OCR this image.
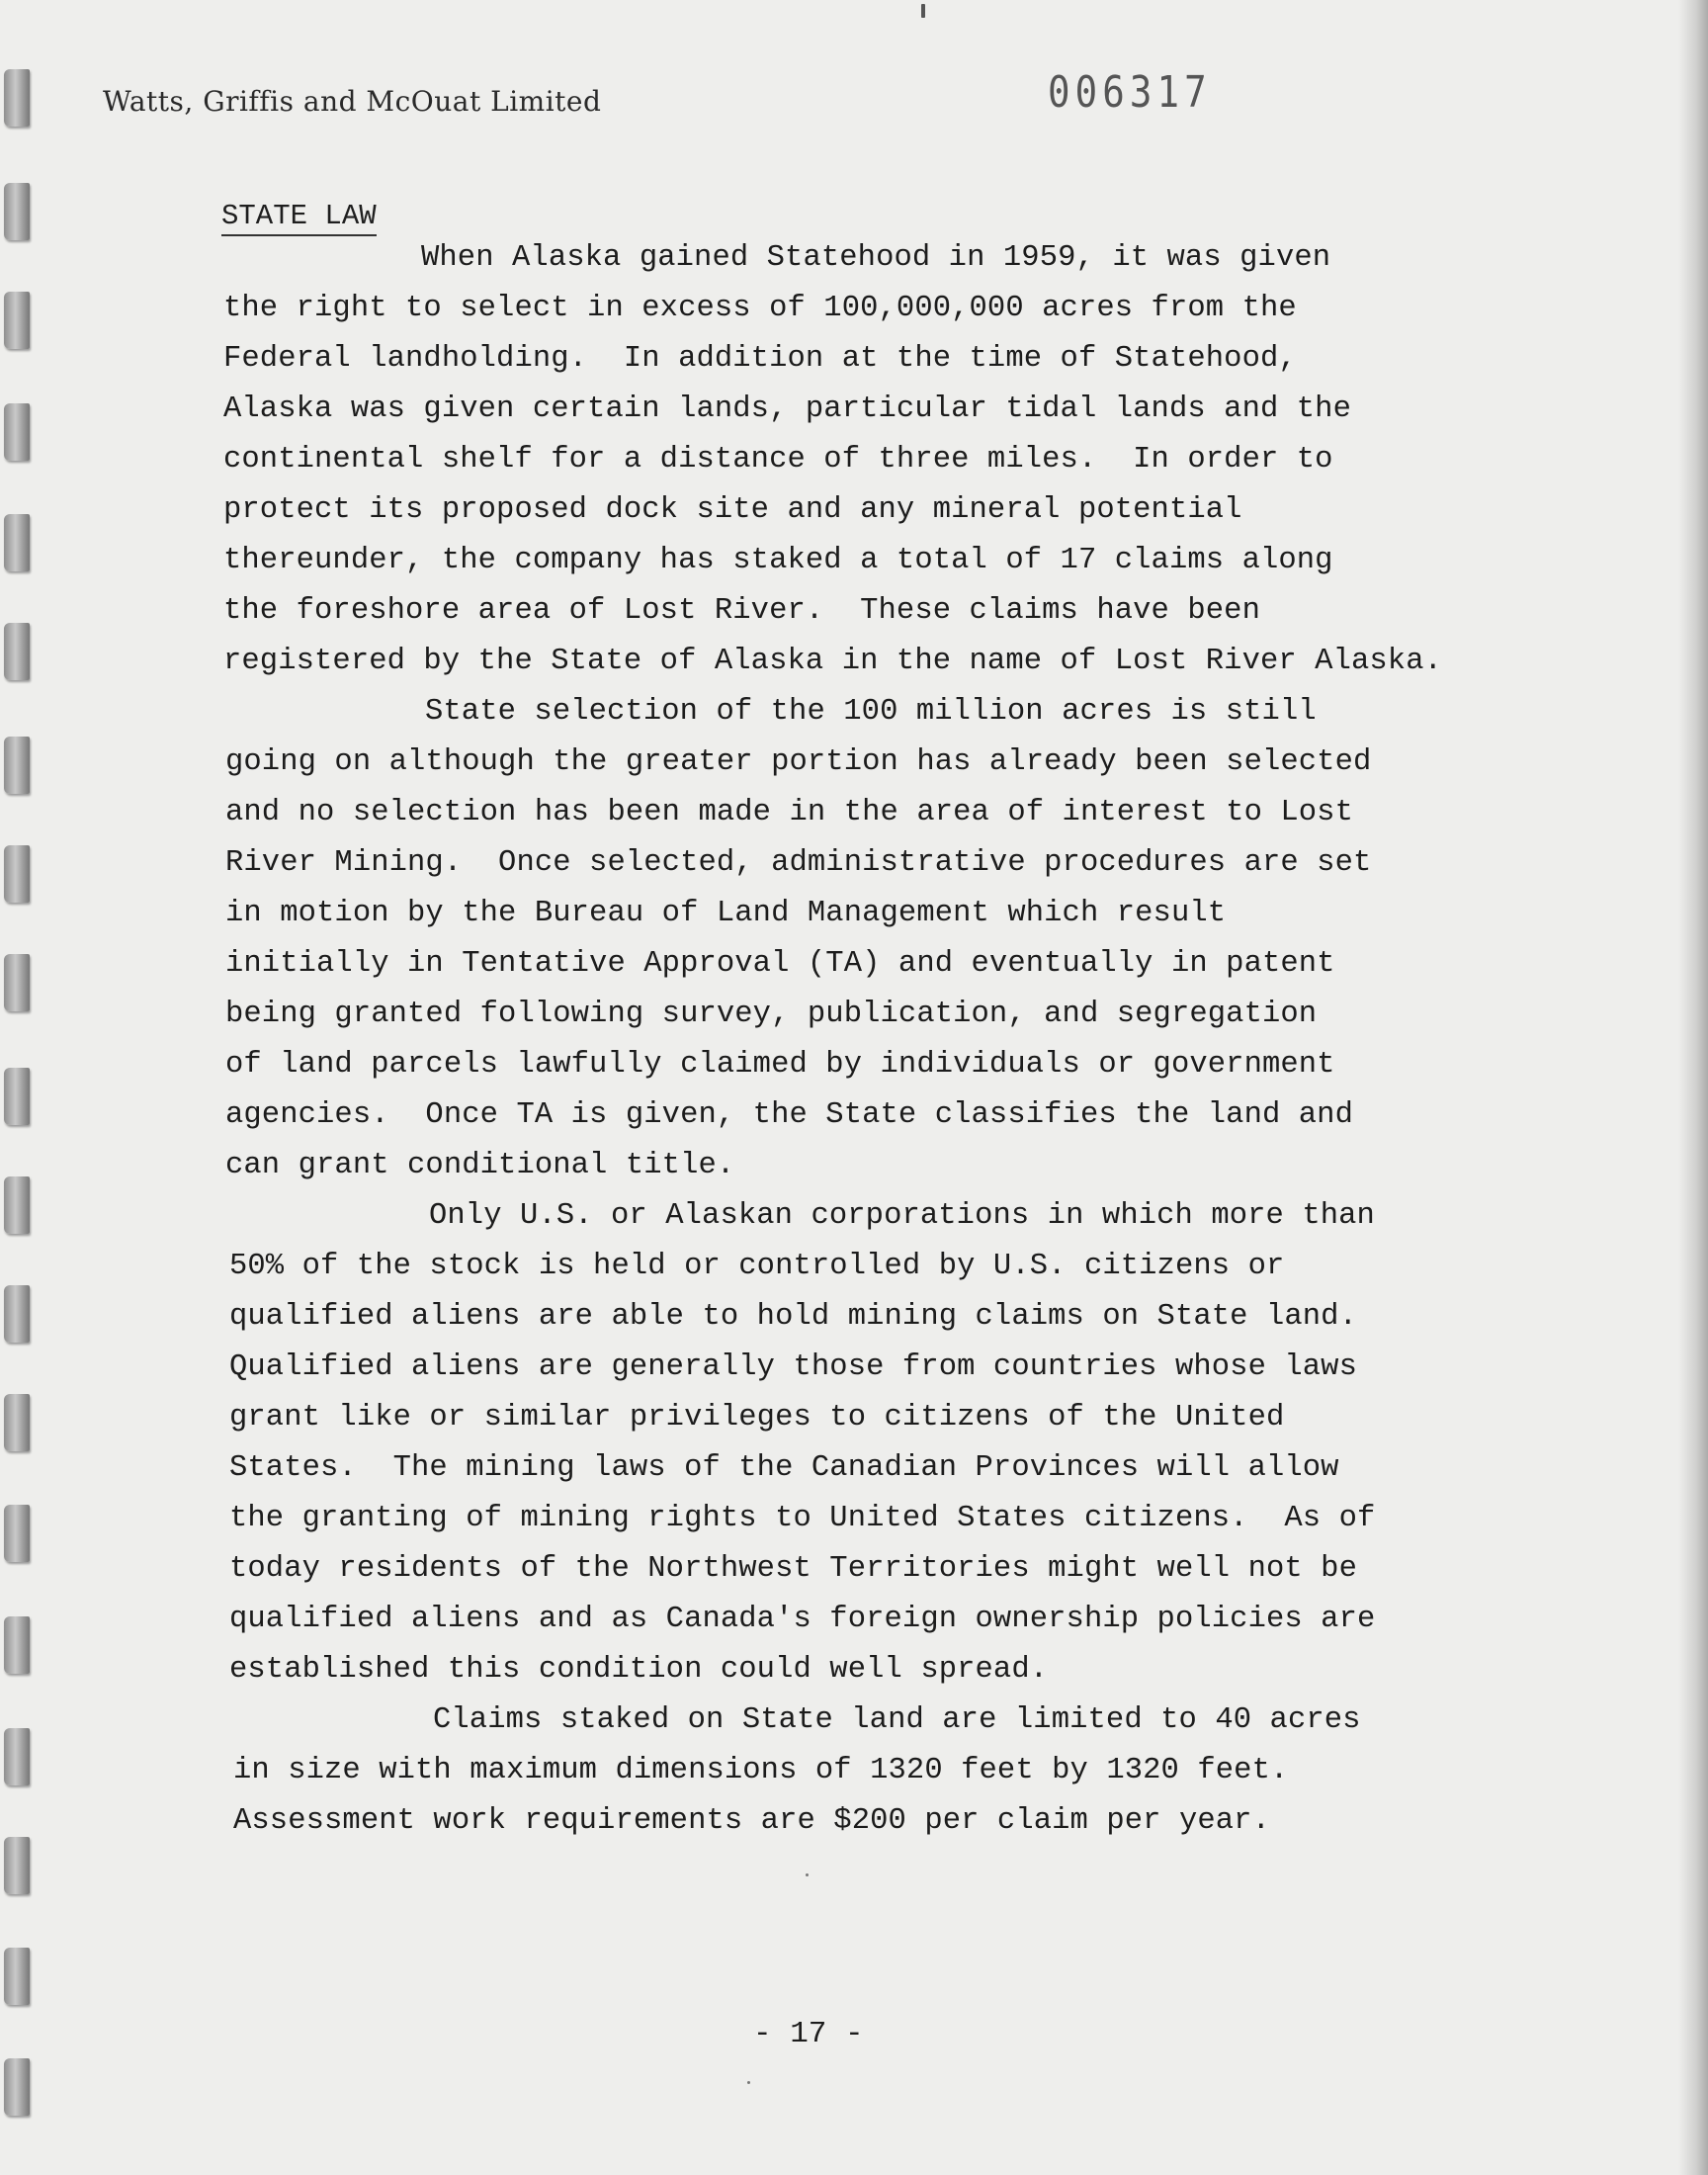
Watts, Griffis and McOuat Limited	006317
STATE LAW
When Alaska gained Statehood in 1959, it was given
the right to select in excess of 100,000,000 acres from the
Federal landholding.  In addition at the time of Statehood,
Alaska was given certain lands, particular tidal lands and the
continental shelf for a distance of three miles.  In order to
protect its proposed dock site and any mineral potential
thereunder, the company has staked a total of 17 claims along
the foreshore area of Lost River.  These claims have been
registered by the State of Alaska in the name of Lost River Alaska.
State selection of the 100 million acres is still
going on although the greater portion has already been selected
and no selection has been made in the area of interest to Lost
River Mining.  Once selected, administrative procedures are set
in motion by the Bureau of Land Management which result
initially in Tentative Approval (TA) and eventually in patent
being granted following survey, publication, and segregation
of land parcels lawfully claimed by individuals or government
agencies.  Once TA is given, the State classifies the land and
can grant conditional title.
Only U.S. or Alaskan corporations in which more than
50% of the stock is held or controlled by U.S. citizens or
qualified aliens are able to hold mining claims on State land.
Qualified aliens are generally those from countries whose laws
grant like or similar privileges to citizens of the United
States.  The mining laws of the Canadian Provinces will allow
the granting of mining rights to United States citizens.  As of
today residents of the Northwest Territories might well not be
qualified aliens and as Canada's foreign ownership policies are
established this condition could well spread.
Claims staked on State land are limited to 40 acres
in size with maximum dimensions of 1320 feet by 1320 feet.
Assessment work requirements are $200 per claim per year.
- 17 -
